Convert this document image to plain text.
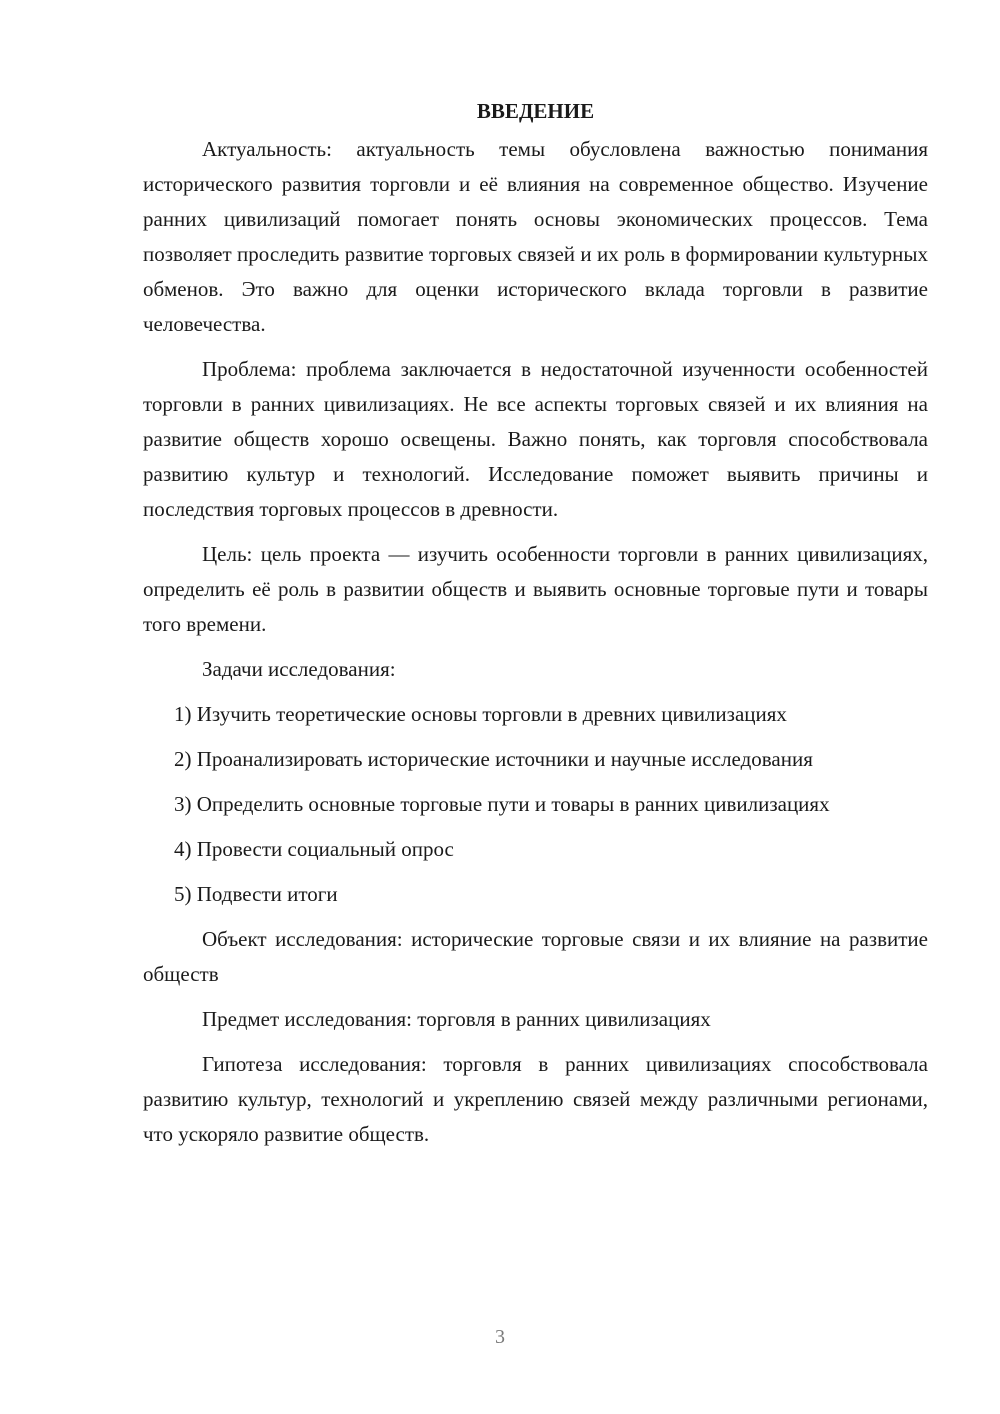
ВВЕДЕНИЕ

Актуальность: актуальность темы обусловлена важностью понимания исторического развития торговли и её влияния на современное общество. Изучение ранних цивилизаций помогает понять основы экономических процессов. Тема позволяет проследить развитие торговых связей и их роль в формировании культурных обменов. Это важно для оценки исторического вклада торговли в развитие человечества.

Проблема: проблема заключается в недостаточной изученности особенностей торговли в ранних цивилизациях. Не все аспекты торговых связей и их влияния на развитие обществ хорошо освещены. Важно понять, как торговля способствовала развитию культур и технологий. Исследование поможет выявить причины и последствия торговых процессов в древности.

Цель: цель проекта — изучить особенности торговли в ранних цивилизациях, определить её роль в развитии обществ и выявить основные торговые пути и товары того времени.

Задачи исследования:

1) Изучить теоретические основы торговли в древних цивилизациях

2) Проанализировать исторические источники и научные исследования

3) Определить основные торговые пути и товары в ранних цивилизациях

4) Провести социальный опрос

5) Подвести итоги

Объект исследования: исторические торговые связи и их влияние на развитие обществ

Предмет исследования: торговля в ранних цивилизациях

Гипотеза исследования: торговля в ранних цивилизациях способствовала развитию культур, технологий и укреплению связей между различными регионами, что ускоряло развитие обществ.

3
